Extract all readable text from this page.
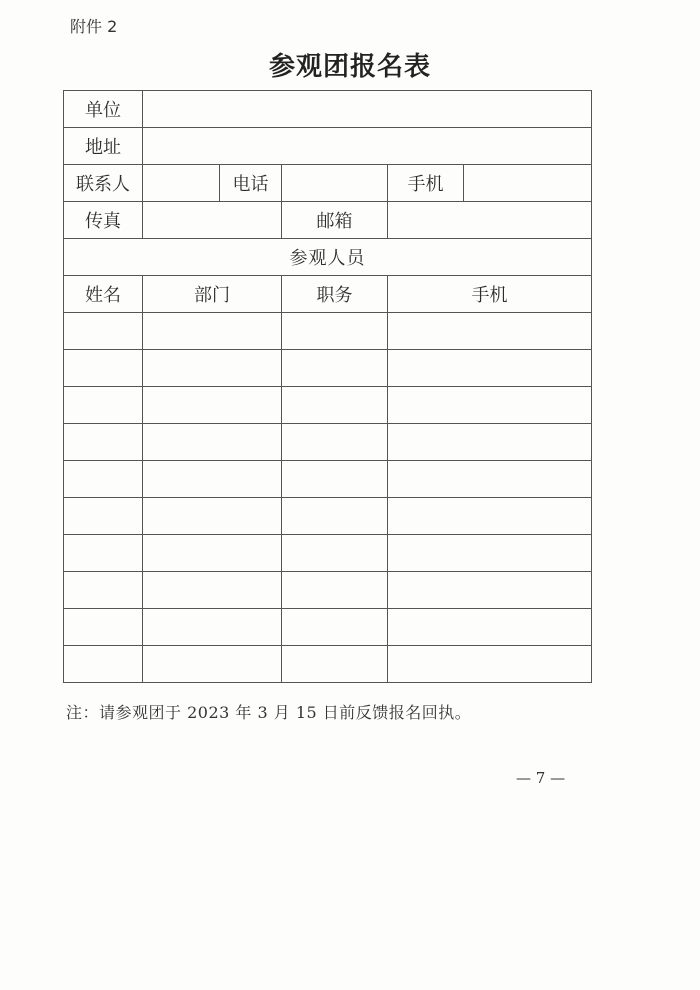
附件 2
参观团报名表
单位					
地址					
联系人		电话		手机	
传真			邮箱		
参观人员					
姓名	部门		职务	手机	

注：请参观团于 2023 年 3 月 15 日前反馈报名回执。
— 7 —
